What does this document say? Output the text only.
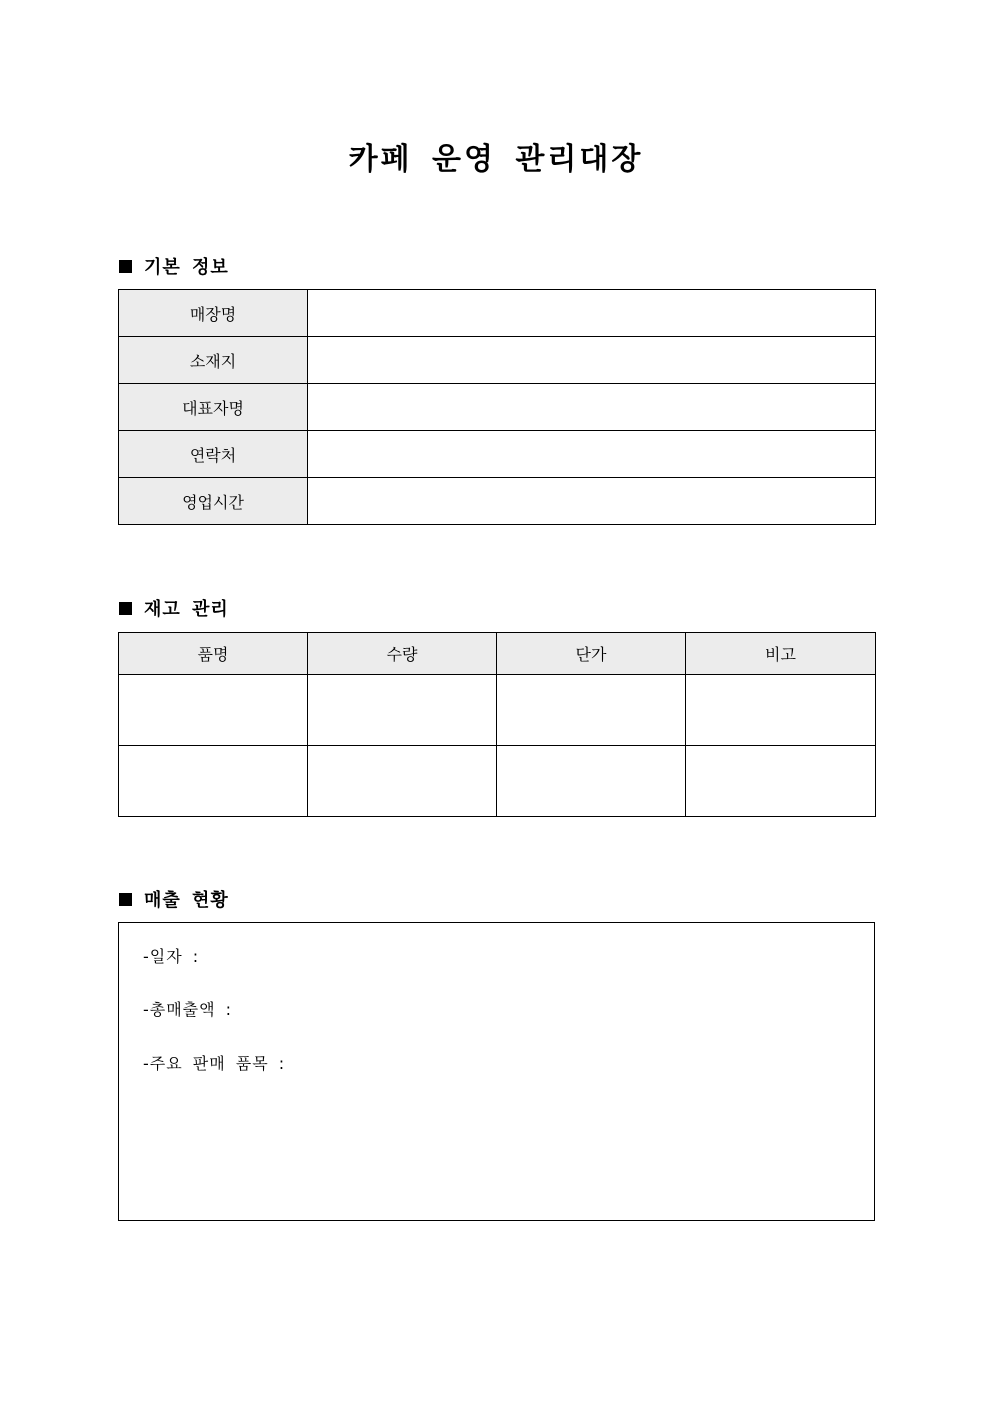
카페 운영 관리대장
기본 정보
매장명	
소재지	
대표자명	
연락처	
영업시간	
재고 관리
품명	수량	단가	비고

매출 현황
-일자 :
-총매출액 :
-주요 판매 품목 :
